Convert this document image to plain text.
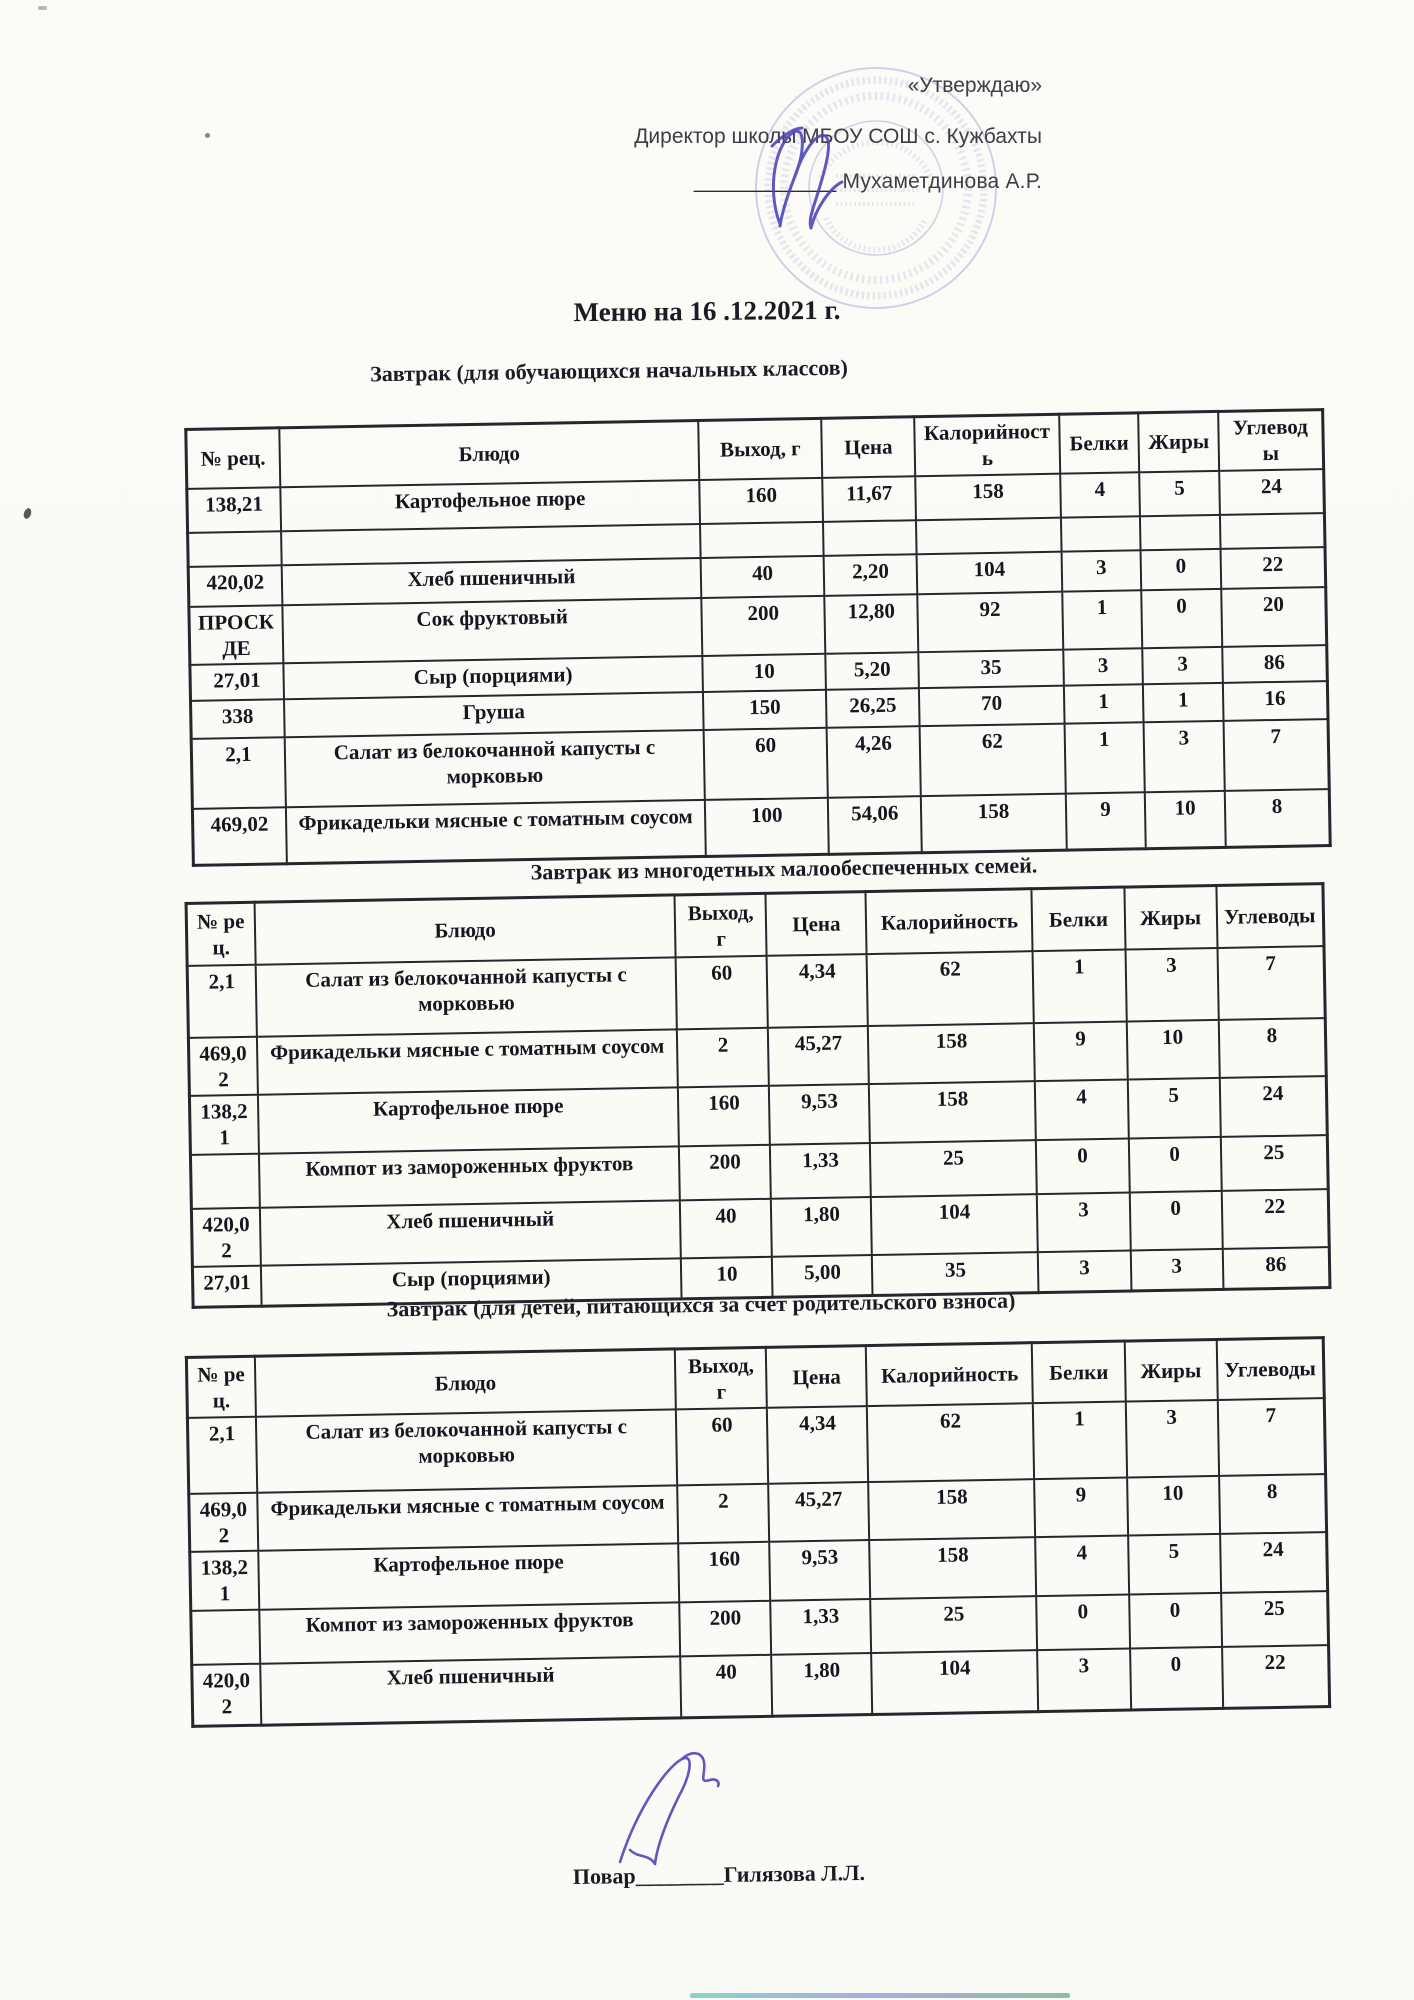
«Утверждаю»

Директор школы МБОУ СОШ с. Кужбахты

____________ Мухаметдинова А.Р.

Меню на 16 .12.2021 г.
Завтрак (для обучающихся начальных классов)
№ рец.	Блюдо	Выход, г	Цена	Калорийность	Белки	Жиры	Углеводы
138,21	Картофельное пюре	160	11,67	158	4	5	24

420,02	Хлеб пшеничный	40	2,20	104	3	0	22
ПРОСКДЕ	Сок фруктовый	200	12,80	92	1	0	20
27,01	Сыр (порциями)	10	5,20	35	3	3	86
338	Груша	150	26,25	70	1	1	16
2,1	Салат из белокочанной капусты с морковью	60	4,26	62	1	3	7
469,02	Фрикадельки мясные с томатным соусом	100	54,06	158	9	10	8
Завтрак из многодетных малообеспеченных семей.
№ рец.	Блюдо	Выход, г	Цена	Калорийность	Белки	Жиры	Углеводы
2,1	Салат из белокочанной капусты с морковью	60	4,34	62	1	3	7
469,02	Фрикадельки мясные с томатным соусом	2	45,27	158	9	10	8
138,21	Картофельное пюре	160	9,53	158	4	5	24
	Компот из замороженных фруктов	200	1,33	25	0	0	25
420,02	Хлеб пшеничный	40	1,80	104	3	0	22
27,01	Сыр (порциями)	10	5,00	35	3	3	86
Завтрак (для детей, питающихся за счет родительского взноса)
№ рец.	Блюдо	Выход, г	Цена	Калорийность	Белки	Жиры	Углеводы
2,1	Салат из белокочанной капусты с морковью	60	4,34	62	1	3	7
469,02	Фрикадельки мясные с томатным соусом	2	45,27	158	9	10	8
138,21	Картофельное пюре	160	9,53	158	4	5	24
	Компот из замороженных фруктов	200	1,33	25	0	0	25
420,02	Хлеб пшеничный	40	1,80	104	3	0	22
Повар________Гилязова Л.Л.
